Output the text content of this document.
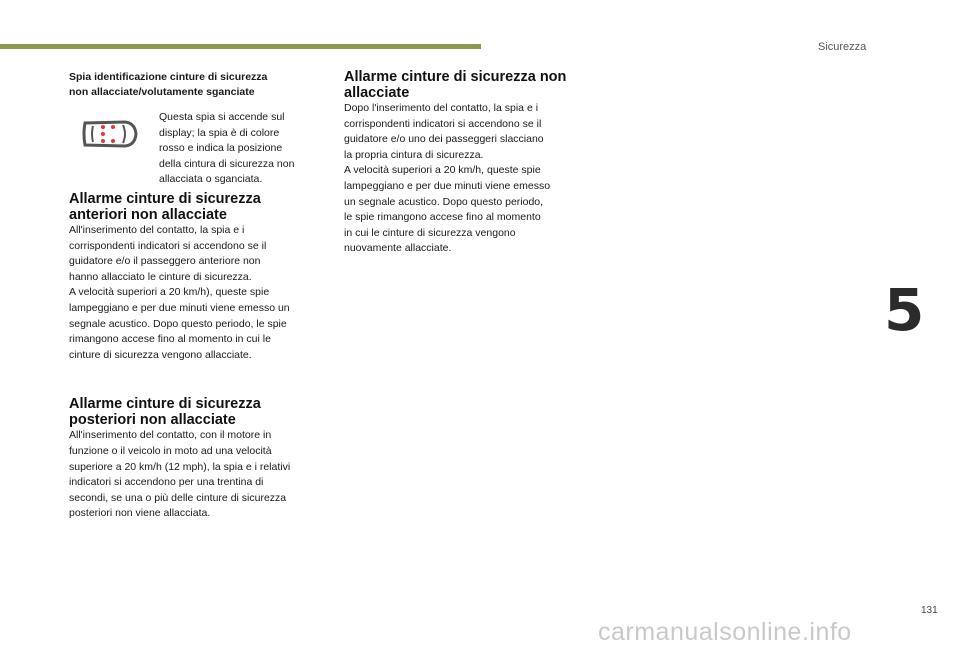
Sicurezza

Spia identificazione cinture di sicurezza
non allacciate/volutamente sganciate

Questa spia si accende sul
display; la spia è di colore
rosso e indica la posizione
della cintura di sicurezza non
allacciata o sganciata.

Allarme cinture di sicurezza
anteriori non allacciate

All'inserimento del contatto, la spia e i
corrispondenti indicatori si accendono se il
guidatore e/o il passeggero anteriore non
hanno allacciato le cinture di sicurezza.
A velocità superiori a 20 km/h), queste spie
lampeggiano e per due minuti viene emesso un
segnale acustico. Dopo questo periodo, le spie
rimangono accese fino al momento in cui le
cinture di sicurezza vengono allacciate.

Allarme cinture di sicurezza
posteriori non allacciate

All'inserimento del contatto, con il motore in
funzione o il veicolo in moto ad una velocità
superiore a 20 km/h (12 mph), la spia e i relativi
indicatori si accendono per una trentina di
secondi, se una o più delle cinture di sicurezza
posteriori non viene allacciata.

Allarme cinture di sicurezza non
allacciate

Dopo l'inserimento del contatto, la spia e i
corrispondenti indicatori si accendono se il
guidatore e/o uno dei passeggeri slacciano
la propria cintura di sicurezza.
A velocità superiori a 20 km/h, queste spie
lampeggiano e per due minuti viene emesso
un segnale acustico. Dopo questo periodo,
le spie rimangono accese fino al momento
in cui le cinture di sicurezza vengono
nuovamente allacciate.

5
131
carmanualsonline.info
